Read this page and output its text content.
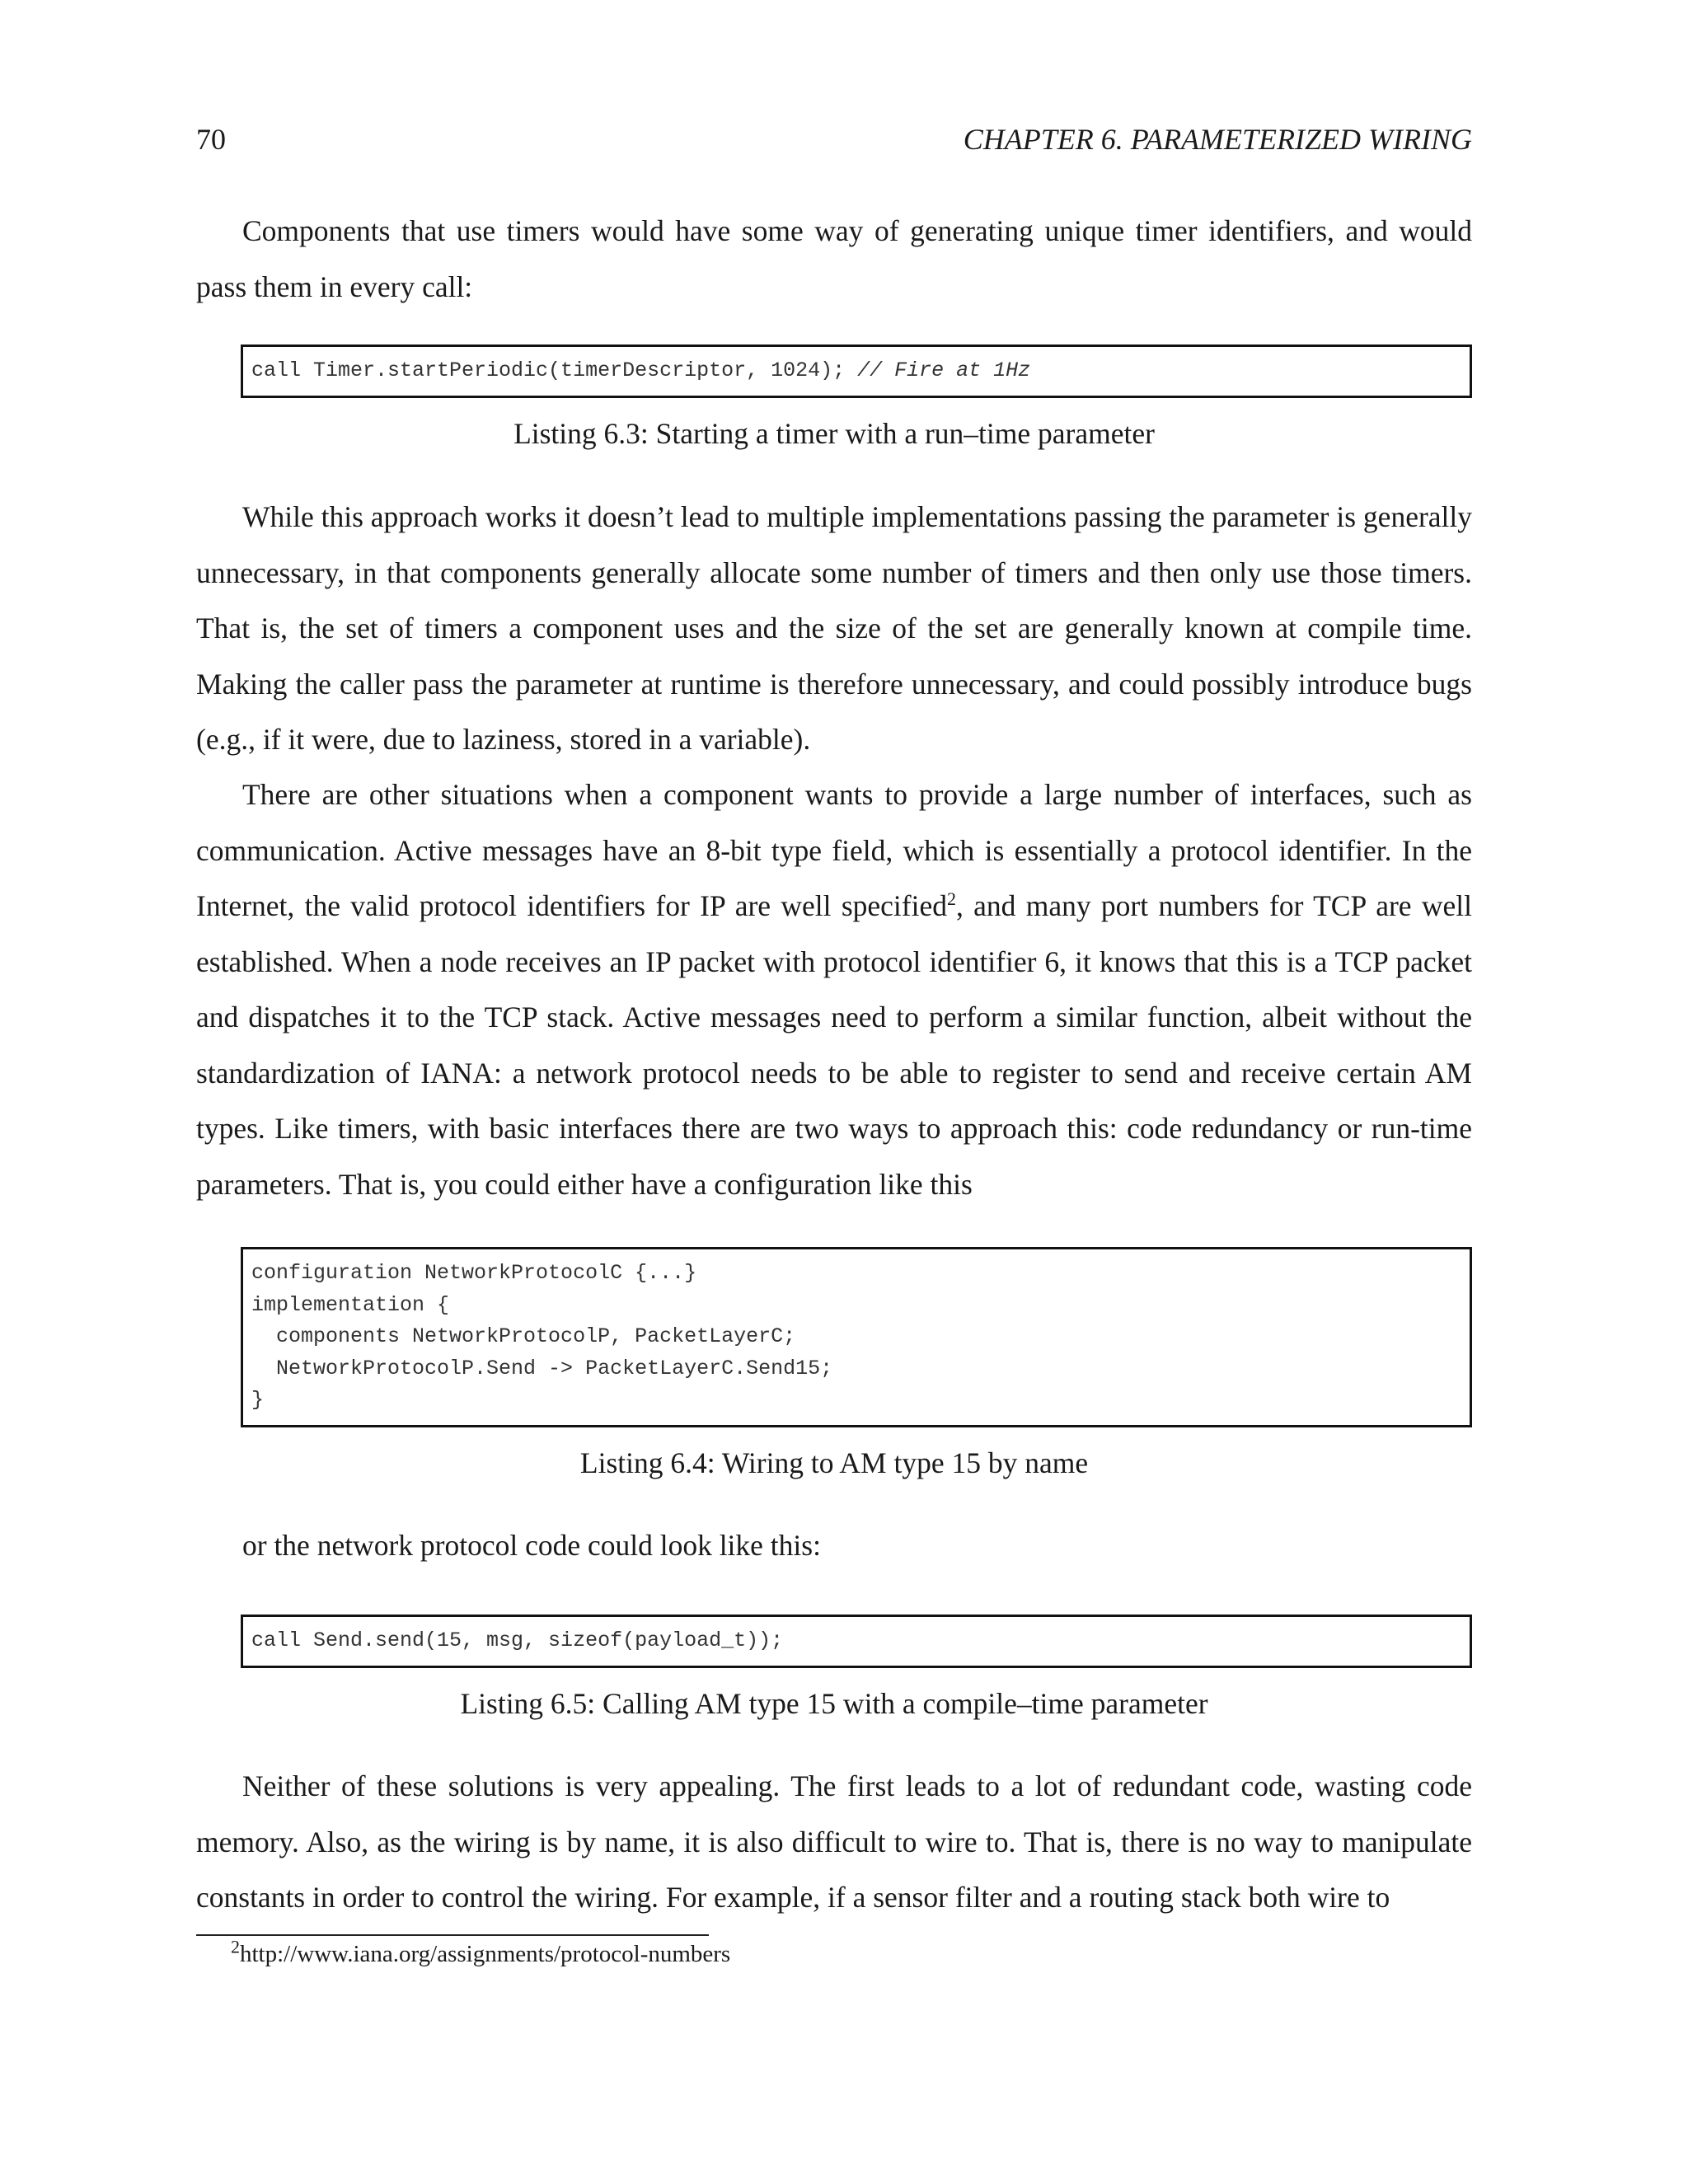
70	CHAPTER 6. PARAMETERIZED WIRING

Components that use timers would have some way of generating unique timer identifiers, and would pass them in every call:

call Timer.startPeriodic(timerDescriptor, 1024); // Fire at 1Hz
Listing 6.3: Starting a timer with a run–time parameter

While this approach works it doesn’t lead to multiple implementations passing the parameter is generally unnecessary, in that components generally allocate some number of timers and then only use those timers. That is, the set of timers a component uses and the size of the set are generally known at compile time. Making the caller pass the parameter at runtime is therefore unnecessary, and could possibly introduce bugs (e.g., if it were, due to laziness, stored in a variable).

There are other situations when a component wants to provide a large number of interfaces, such as communication. Active messages have an 8-bit type field, which is essentially a protocol identifier. In the Internet, the valid protocol identifiers for IP are well specified$^2$, and many port numbers for TCP are well established. When a node receives an IP packet with protocol identifier 6, it knows that this is a TCP packet and dispatches it to the TCP stack. Active messages need to perform a similar function, albeit without the standardization of IANA: a network protocol needs to be able to register to send and receive certain AM types. Like timers, with basic interfaces there are two ways to approach this: code redundancy or run-time parameters. That is, you could either have a configuration like this

configuration NetworkProtocolC {...}
implementation {
components NetworkProtocolP, PacketLayerC;
NetworkProtocolP.Send -> PacketLayerC.Send15;
}
Listing 6.4: Wiring to AM type 15 by name

or the network protocol code could look like this:

call Send.send(15, msg, sizeof(payload_t));
Listing 6.5: Calling AM type 15 with a compile–time parameter

Neither of these solutions is very appealing. The first leads to a lot of redundant code, wasting code memory. Also, as the wiring is by name, it is also difficult to wire to. That is, there is no way to manipulate constants in order to control the wiring. For example, if a sensor filter and a routing stack both wire to

$^2$http://www.iana.org/assignments/protocol-numbers
